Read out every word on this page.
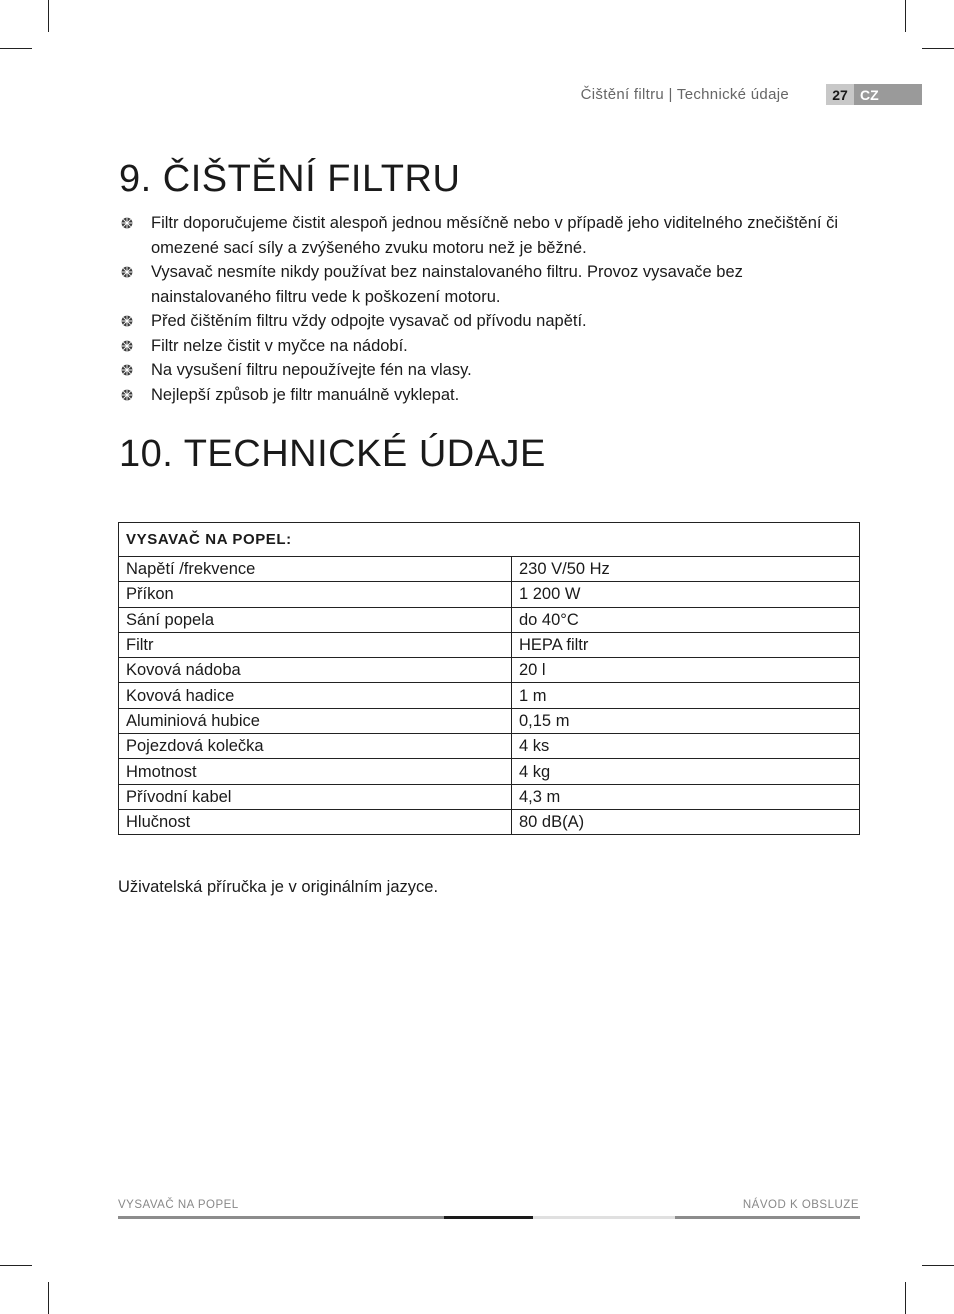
Čištění filtru | Technické údaje	27 CZ
9. ČIŠTĚNÍ FILTRU
Filtr doporučujeme čistit alespoň jednou měsíčně nebo v případě jeho viditelného znečištění či omezené sací síly a zvýšeného zvuku motoru než je běžné.
Vysavač nesmíte nikdy používat bez nainstalovaného filtru. Provoz vysavače bez nainstalovaného filtru vede k poškození motoru.
Před čištěním filtru vždy odpojte vysavač od přívodu napětí.
Filtr nelze čistit v myčce na nádobí.
Na vysušení filtru nepoužívejte fén na vlasy.
Nejlepší způsob je filtr manuálně vyklepat.
10. TECHNICKÉ ÚDAJE
VYSAVAČ NA POPEL:	
Napětí /frekvence	230 V/50 Hz
Příkon	1 200 W
Sání popela	do 40°C
Filtr	HEPA filtr
Kovová nádoba	20 l
Kovová hadice	1 m
Aluminiová hubice	0,15 m
Pojezdová kolečka	4 ks
Hmotnost	4 kg
Přívodní kabel	4,3 m
Hlučnost	80 dB(A)
Uživatelská příručka je v originálním jazyce.
VYSAVAČ NA POPEL	NÁVOD K OBSLUZE
